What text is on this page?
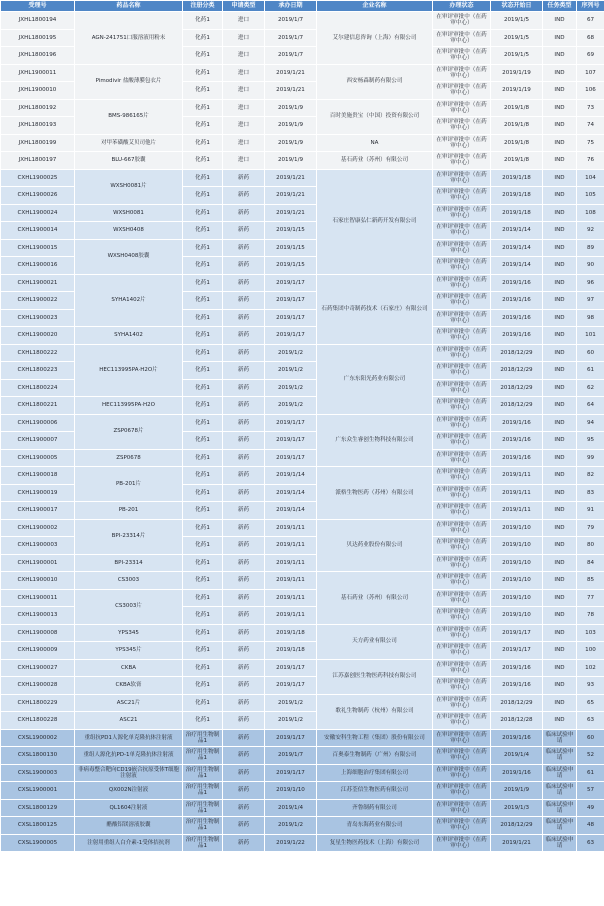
受理号	药品名称	注册分类	申请类型	承办日期	企业名称	办理状态	状态开始日	任务类型	序列号
JXHL1800194	AGN-241751口服溶液用粉末	化药1	进口	2019/1/7	艾尔建信息咨询（上海）有限公司	在审评审批中（在药审中心）	2019/1/5	IND	67
JXHL1800195		化药1	进口	2019/1/7		在审评审批中（在药审中心）	2019/1/5	IND	68
JXHL1800196		化药1	进口	2019/1/7		在审评审批中（在药审中心）	2019/1/5	IND	69
JXHL1900011	Pimodivir 盐酸薄膜包衣片	化药1	进口	2019/1/21	西安杨森制药有限公司	在审评审批中（在药审中心）	2019/1/19	IND	107
JXHL1900010		化药1	进口	2019/1/21		在审评审批中（在药审中心）	2019/1/19	IND	106
JXHL1800192	BMS-986165片	化药1	进口	2019/1/9	百时美施贵宝（中国）投资有限公司	在审评审批中（在药审中心）	2019/1/8	IND	73
JXHL1800193		化药1	进口	2019/1/9		在审评审批中（在药审中心）	2019/1/8	IND	74
JXHL1800199	对甲苯磺酸艾贝司他片	化药1	进口	2019/1/9	NA	在审评审批中（在药审中心）	2019/1/8	IND	75
JXHL1800197	BLU-667胶囊	化药1	进口	2019/1/9	基石药业（苏州）有限公司	在审评审批中（在药审中心）	2019/1/8	IND	76
CXHL1900025	WXSH0081片	化药1	新药	2019/1/21	石家庄智康弘仁新药开发有限公司	在审评审批中（在药审中心）	2019/1/18	IND	104
CXHL1900026		化药1	新药	2019/1/21		在审评审批中（在药审中心）	2019/1/18	IND	105
CXHL1900024	WXSH0081	化药1	新药	2019/1/21		在审评审批中（在药审中心）	2019/1/18	IND	108
CXHL1900014	WXSH0408	化药1	新药	2019/1/15		在审评审批中（在药审中心）	2019/1/14	IND	92
CXHL1900015	WXSH0408胶囊	化药1	新药	2019/1/15		在审评审批中（在药审中心）	2019/1/14	IND	89
CXHL1900016		化药1	新药	2019/1/15		在审评审批中（在药审中心）	2019/1/14	IND	90
CXHL1900021	SYHA1402片	化药1	新药	2019/1/17	石药集团中奇制药技术（石家庄）有限公司	在审评审批中（在药审中心）	2019/1/16	IND	96
CXHL1900022		化药1	新药	2019/1/17		在审评审批中（在药审中心）	2019/1/16	IND	97
CXHL1900023		化药1	新药	2019/1/17		在审评审批中（在药审中心）	2019/1/16	IND	98
CXHL1900020	SYHA1402	化药1	新药	2019/1/17		在审评审批中（在药审中心）	2019/1/16	IND	101
CXHL1800222	HEC113995PA·H2O片	化药1	新药	2019/1/2	广东东阳光药业有限公司	在审评审批中（在药审中心）	2018/12/29	IND	60
CXHL1800223		化药1	新药	2019/1/2		在审评审批中（在药审中心）	2018/12/29	IND	61
CXHL1800224		化药1	新药	2019/1/2		在审评审批中（在药审中心）	2018/12/29	IND	62
CXHL1800221	HEC113995PA·H2O	化药1	新药	2019/1/2		在审评审批中（在药审中心）	2018/12/29	IND	64
CXHL1900006	ZSP0678片	化药1	新药	2019/1/17	广东众生睿创生物科技有限公司	在审评审批中（在药审中心）	2019/1/16	IND	94
CXHL1900007		化药1	新药	2019/1/17		在审评审批中（在药审中心）	2019/1/16	IND	95
CXHL1900005	ZSP0678	化药1	新药	2019/1/17		在审评审批中（在药审中心）	2019/1/16	IND	99
CXHL1900018	PB-201片	化药1	新药	2019/1/14	派格生物医药（苏州）有限公司	在审评审批中（在药审中心）	2019/1/11	IND	82
CXHL1900019		化药1	新药	2019/1/14		在审评审批中（在药审中心）	2019/1/11	IND	83
CXHL1900017	PB-201	化药1	新药	2019/1/14		在审评审批中（在药审中心）	2019/1/11	IND	91
CXHL1900002	BPI-23314片	化药1	新药	2019/1/11	贝达药业股份有限公司	在审评审批中（在药审中心）	2019/1/10	IND	79
CXHL1900003		化药1	新药	2019/1/11		在审评审批中（在药审中心）	2019/1/10	IND	80
CXHL1900001	BPI-23314	化药1	新药	2019/1/11		在审评审批中（在药审中心）	2019/1/10	IND	84
CXHL1900010	CS3003	化药1	新药	2019/1/11	基石药业（苏州）有限公司	在审评审批中（在药审中心）	2019/1/10	IND	85
CXHL1900011	CS3003片	化药1	新药	2019/1/11		在审评审批中（在药审中心）	2019/1/10	IND	77
CXHL1900013		化药1	新药	2019/1/11		在审评审批中（在药审中心）	2019/1/10	IND	78
CXHL1900008	YPS345	化药1	新药	2019/1/18	天方药业有限公司	在审评审批中（在药审中心）	2019/1/17	IND	103
CXHL1900009	YPS345片	化药1	新药	2019/1/18		在审评审批中（在药审中心）	2019/1/17	IND	100
CXHL1900027	CKBA	化药1	新药	2019/1/17	江苏嘉创医生物医药科技有限公司	在审评审批中（在药审中心）	2019/1/16	IND	102
CXHL1900028	CKBA软膏	化药1	新药	2019/1/17		在审评审批中（在药审中心）	2019/1/16	IND	93
CXHL1800229	ASC21片	化药1	新药	2019/1/2	歌礼生物制药（杭州）有限公司	在审评审批中（在药审中心）	2018/12/29	IND	65
CXHL1800228	ASC21	化药1	新药	2019/1/2		在审评审批中（在药审中心）	2018/12/28	IND	63
CXSL1900002	重组抗PD1人源化单克隆抗体注射液	治疗用生物制品1	新药	2019/1/17	安徽安科生物工程（集团）股份有限公司	在审评审批中（在药审中心）	2019/1/16	临床试验申请	60
CXSL1800130	重组人源化抗PD-1单克隆抗体注射液	治疗用生物制品1	新药	2019/1/7	百奥泰生物制药（广州）有限公司	在审评审批中（在药审中心）	2019/1/4	临床试验申请	52
CXSL1900003	非病毒整合靶向CD19嵌合抗原受体T细胞注射液	治疗用生物制品1	新药	2019/1/17	上海细胞治疗集团有限公司	在审评审批中（在药审中心）	2019/1/16	临床试验申请	61
CXSL1900001	QX002N注射液	治疗用生物制品1	新药	2019/1/10	江苏荃信生物医药有限公司	在审评审批中（在药审中心）	2019/1/9	临床试验申请	57
CXSL1800129	QL1604注射液	治疗用生物制品1	新药	2019/1/4	齐鲁制药有限公司	在审评审批中（在药审中心）	2019/1/3	临床试验申请	49
CXSL1800125	醋酸铝镁溶液胶囊	治疗用生物制品1	新药	2019/1/2	青岛东海药业有限公司	在审评审批中（在药审中心）	2018/12/29	临床试验申请	48
CXSL1900005	注射用重组人白介素-1受体拮抗剂	治疗用生物制品1	新药	2019/1/22	复星生物医药技术（上海）有限公司	在审评审批中（在药审中心）	2019/1/21	临床试验申请	63
